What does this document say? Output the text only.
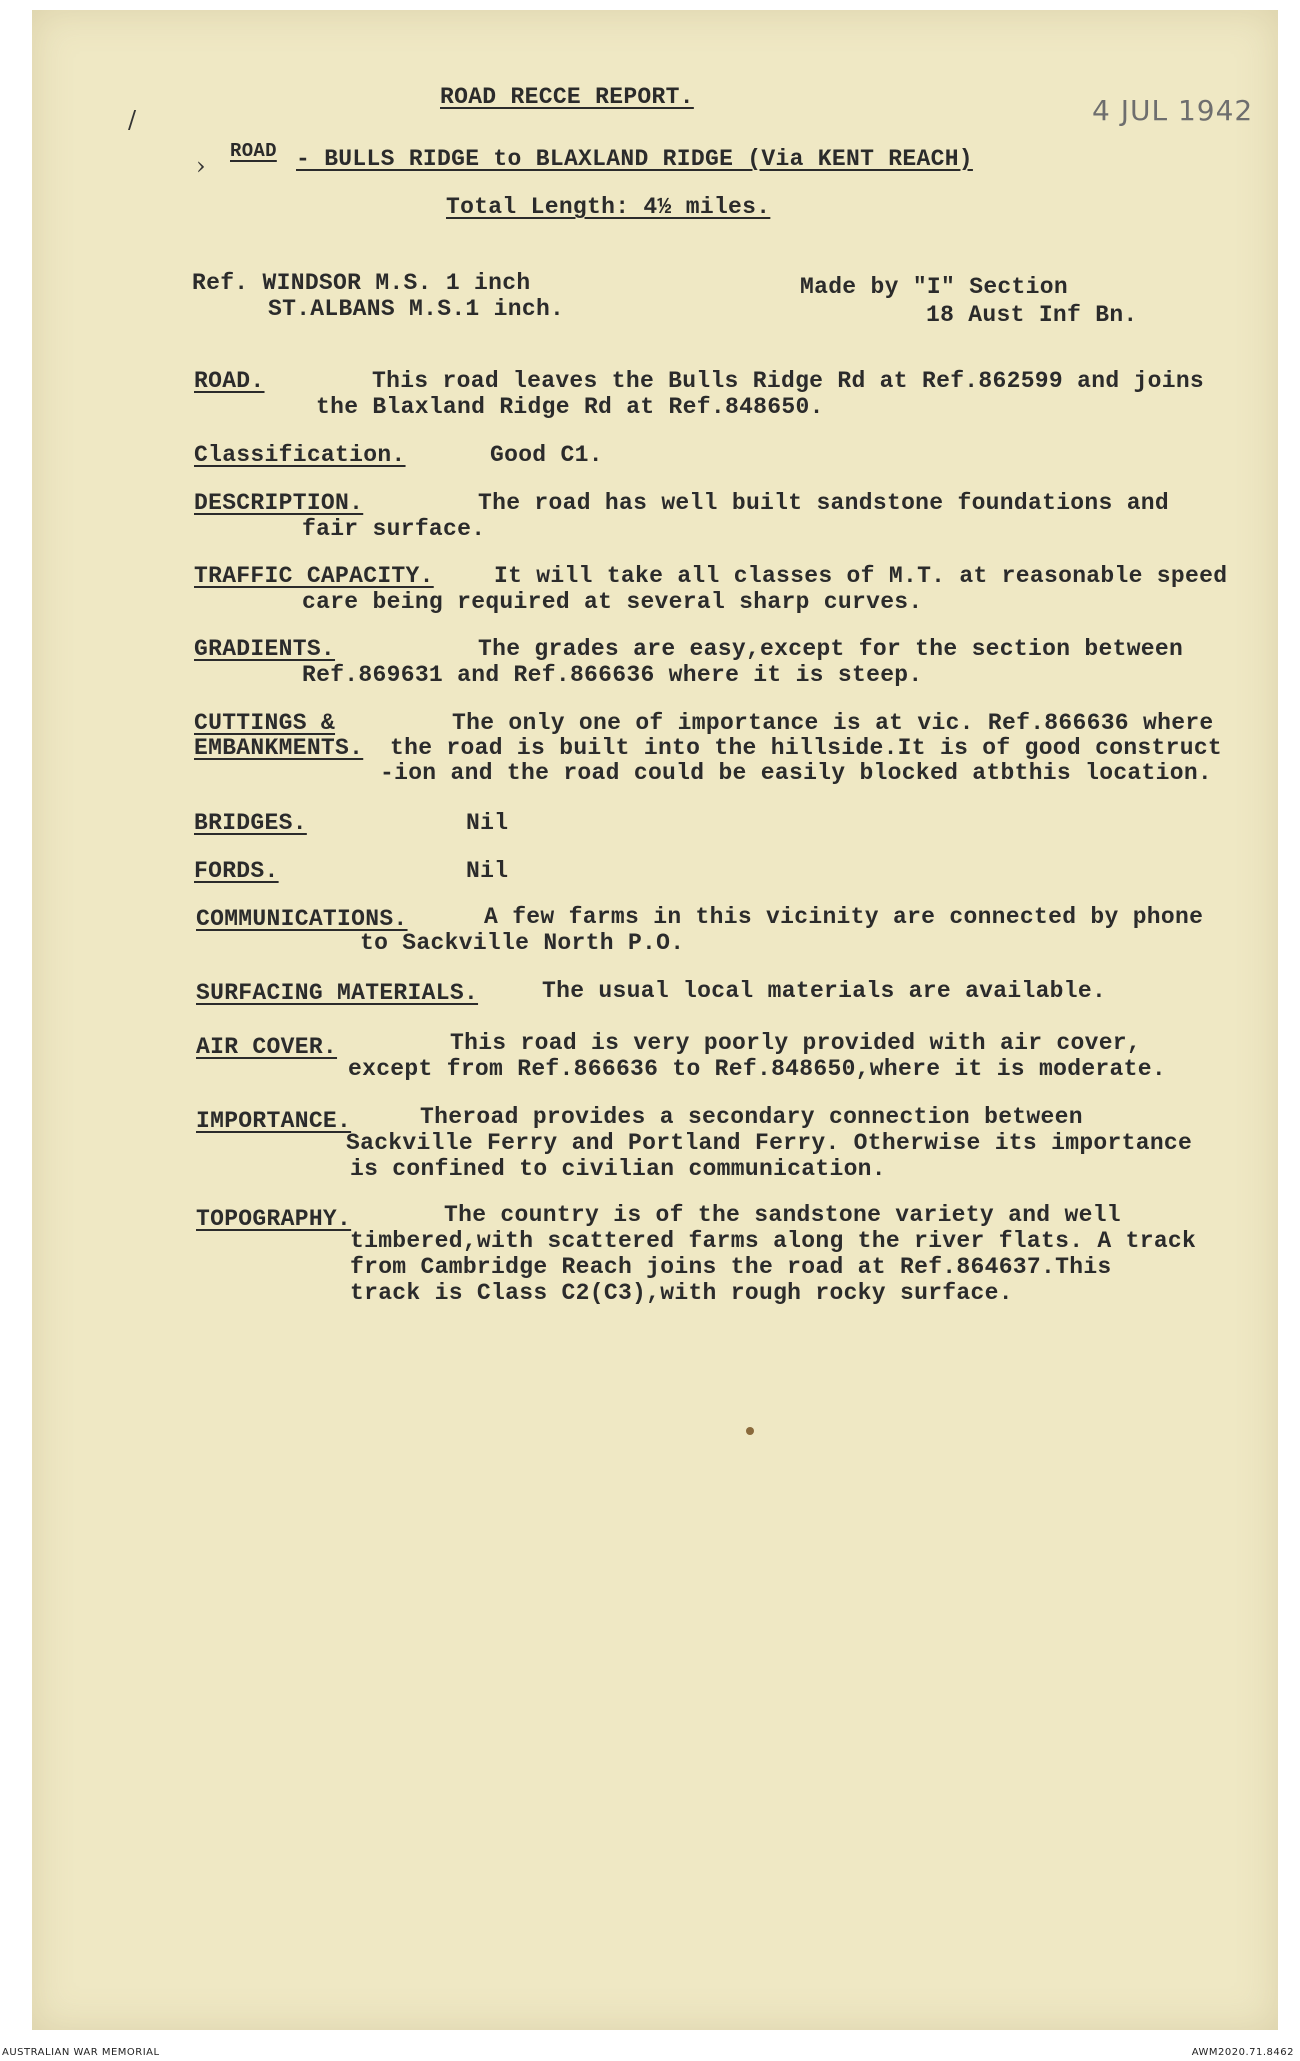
4 JUL 1942
/
›
ROAD RECCE REPORT.
ROAD - BULLS RIDGE to BLAXLAND RIDGE (Via KENT REACH)
Total Length: 4½ miles.
Ref. WINDSOR M.S. 1 inch
ST.ALBANS M.S.1 inch.
Made by "I" Section
18 Aust Inf Bn.
ROAD.	This road leaves the Bulls Ridge Rd at Ref.862599 and joins
the Blaxland Ridge Rd at Ref.848650.
Classification.	Good C1.
DESCRIPTION.	The road has well built sandstone foundations and
fair surface.
TRAFFIC CAPACITY.	It will take all classes of M.T. at reasonable speed
care being required at several sharp curves.
GRADIENTS.	The grades are easy,except for the section between
Ref.869631 and Ref.866636 where it is steep.
CUTTINGS &
EMBANKMENTS.
The only one of importance is at vic. Ref.866636 where
the road is built into the hillside.It is of good construct
-ion and the road could be easily blocked atbthis location.
BRIDGES.	Nil
FORDS.	Nil
COMMUNICATIONS.	A few farms in this vicinity are connected by phone
to Sackville North P.O.
SURFACING MATERIALS.	The usual local materials are available.
AIR COVER.	This road is very poorly provided with air cover,
except from Ref.866636 to Ref.848650,where it is moderate.
IMPORTANCE.	Theroad provides a secondary connection between
Sackville Ferry and Portland Ferry. Otherwise its importance
is confined to civilian communication.
TOPOGRAPHY.	The country is of the sandstone variety and well
timbered,with scattered farms along the river flats. A track
from Cambridge Reach joins the road at Ref.864637.This
track is Class C2(C3),with rough rocky surface.
AUSTRALIAN WAR MEMORIAL	AWM2020.71.8462
